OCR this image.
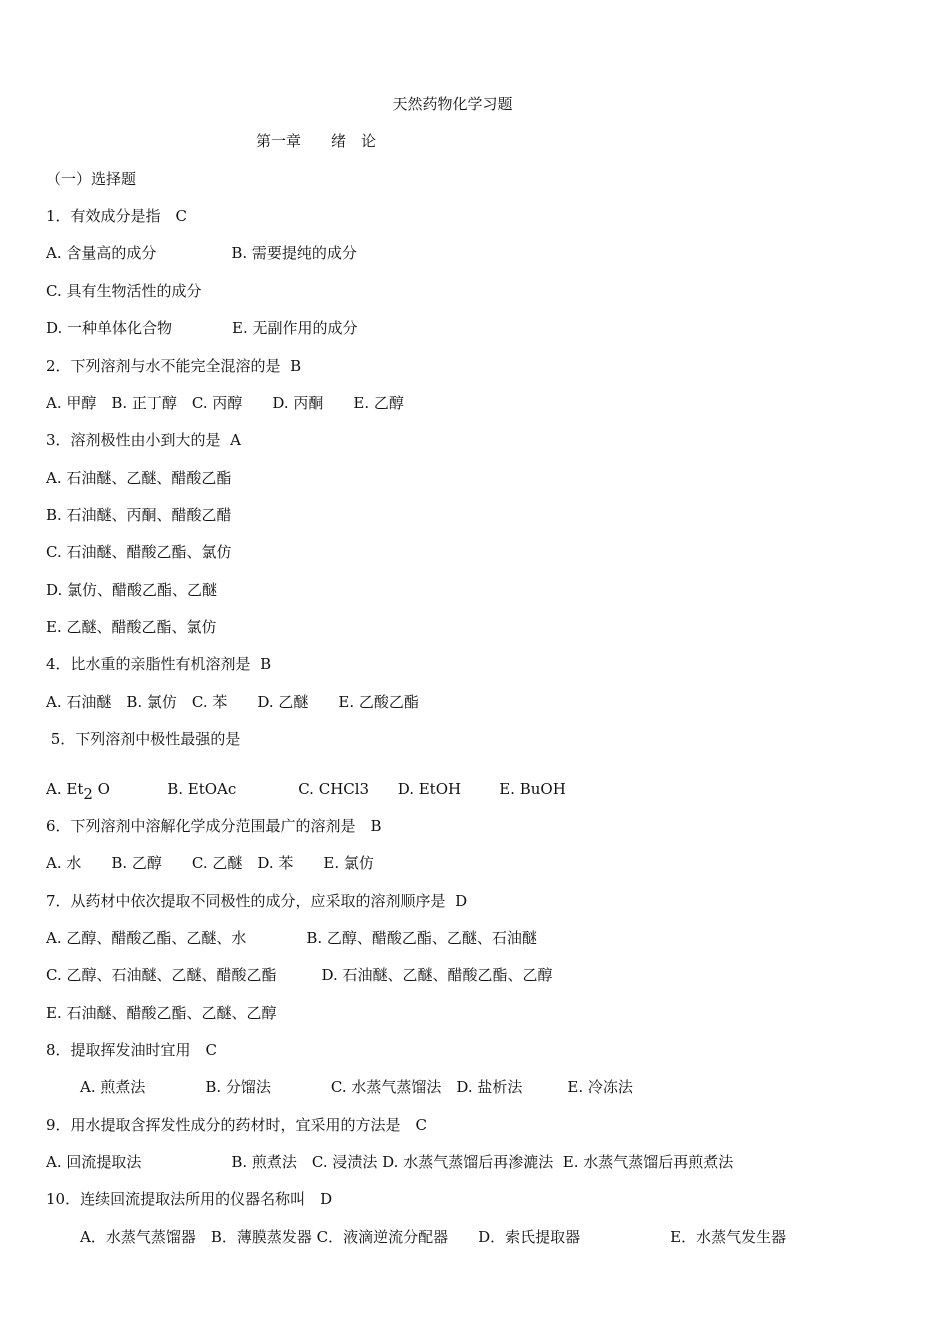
天然药物化学习题
第一章　　绪　论
（一）选择题
1．有效成分是指　C
A. 含量高的成分　　　　　B. 需要提纯的成分
C. 具有生物活性的成分
D. 一种单体化合物　　　　E. 无副作用的成分
2．下列溶剂与水不能完全混溶的是  B
A. 甲醇　B. 正丁醇　C. 丙醇　　D. 丙酮　　E. 乙醇
3．溶剂极性由小到大的是  A
A. 石油醚、乙醚、醋酸乙酯
B. 石油醚、丙酮、醋酸乙醋
C. 石油醚、醋酸乙酯、氯仿
D. 氯仿、醋酸乙酯、乙醚
E. 乙醚、醋酸乙酯、氯仿
4．比水重的亲脂性有机溶剂是  B
A. 石油醚　B. 氯仿　C. 苯　　D. 乙醚　　E. 乙酸乙酯
5．下列溶剂中极性最强的是
A. $Et_2$ O            B. EtOAc             C. CHCl3      D. EtOH        E. BuOH
6．下列溶剂中溶解化学成分范围最广的溶剂是　B
A. 水　　B. 乙醇　　C. 乙醚　D. 苯　　E. 氯仿
7．从药材中依次提取不同极性的成分，应采取的溶剂顺序是  D
A. 乙醇、醋酸乙酯、乙醚、水　　　　B. 乙醇、醋酸乙酯、乙醚、石油醚
C. 乙醇、石油醚、乙醚、醋酸乙酯　　　D. 石油醚、乙醚、醋酸乙酯、乙醇
E. 石油醚、醋酸乙酯、乙醚、乙醇
8．提取挥发油时宜用　C
A. 煎煮法　　　　B. 分馏法　　　　C. 水蒸气蒸馏法　D. 盐析法　　　E. 冷冻法
9．用水提取含挥发性成分的药材时，宜采用的方法是　C
A. 回流提取法　　　　　　B. 煎煮法　C. 浸渍法 D. 水蒸气蒸馏后再渗漉法  E. 水蒸气蒸馏后再煎煮法
10．连续回流提取法所用的仪器名称叫　D
A．水蒸气蒸馏器　B．薄膜蒸发器 C．液滴逆流分配器　　D．索氏提取器　　　　　　E．水蒸气发生器
